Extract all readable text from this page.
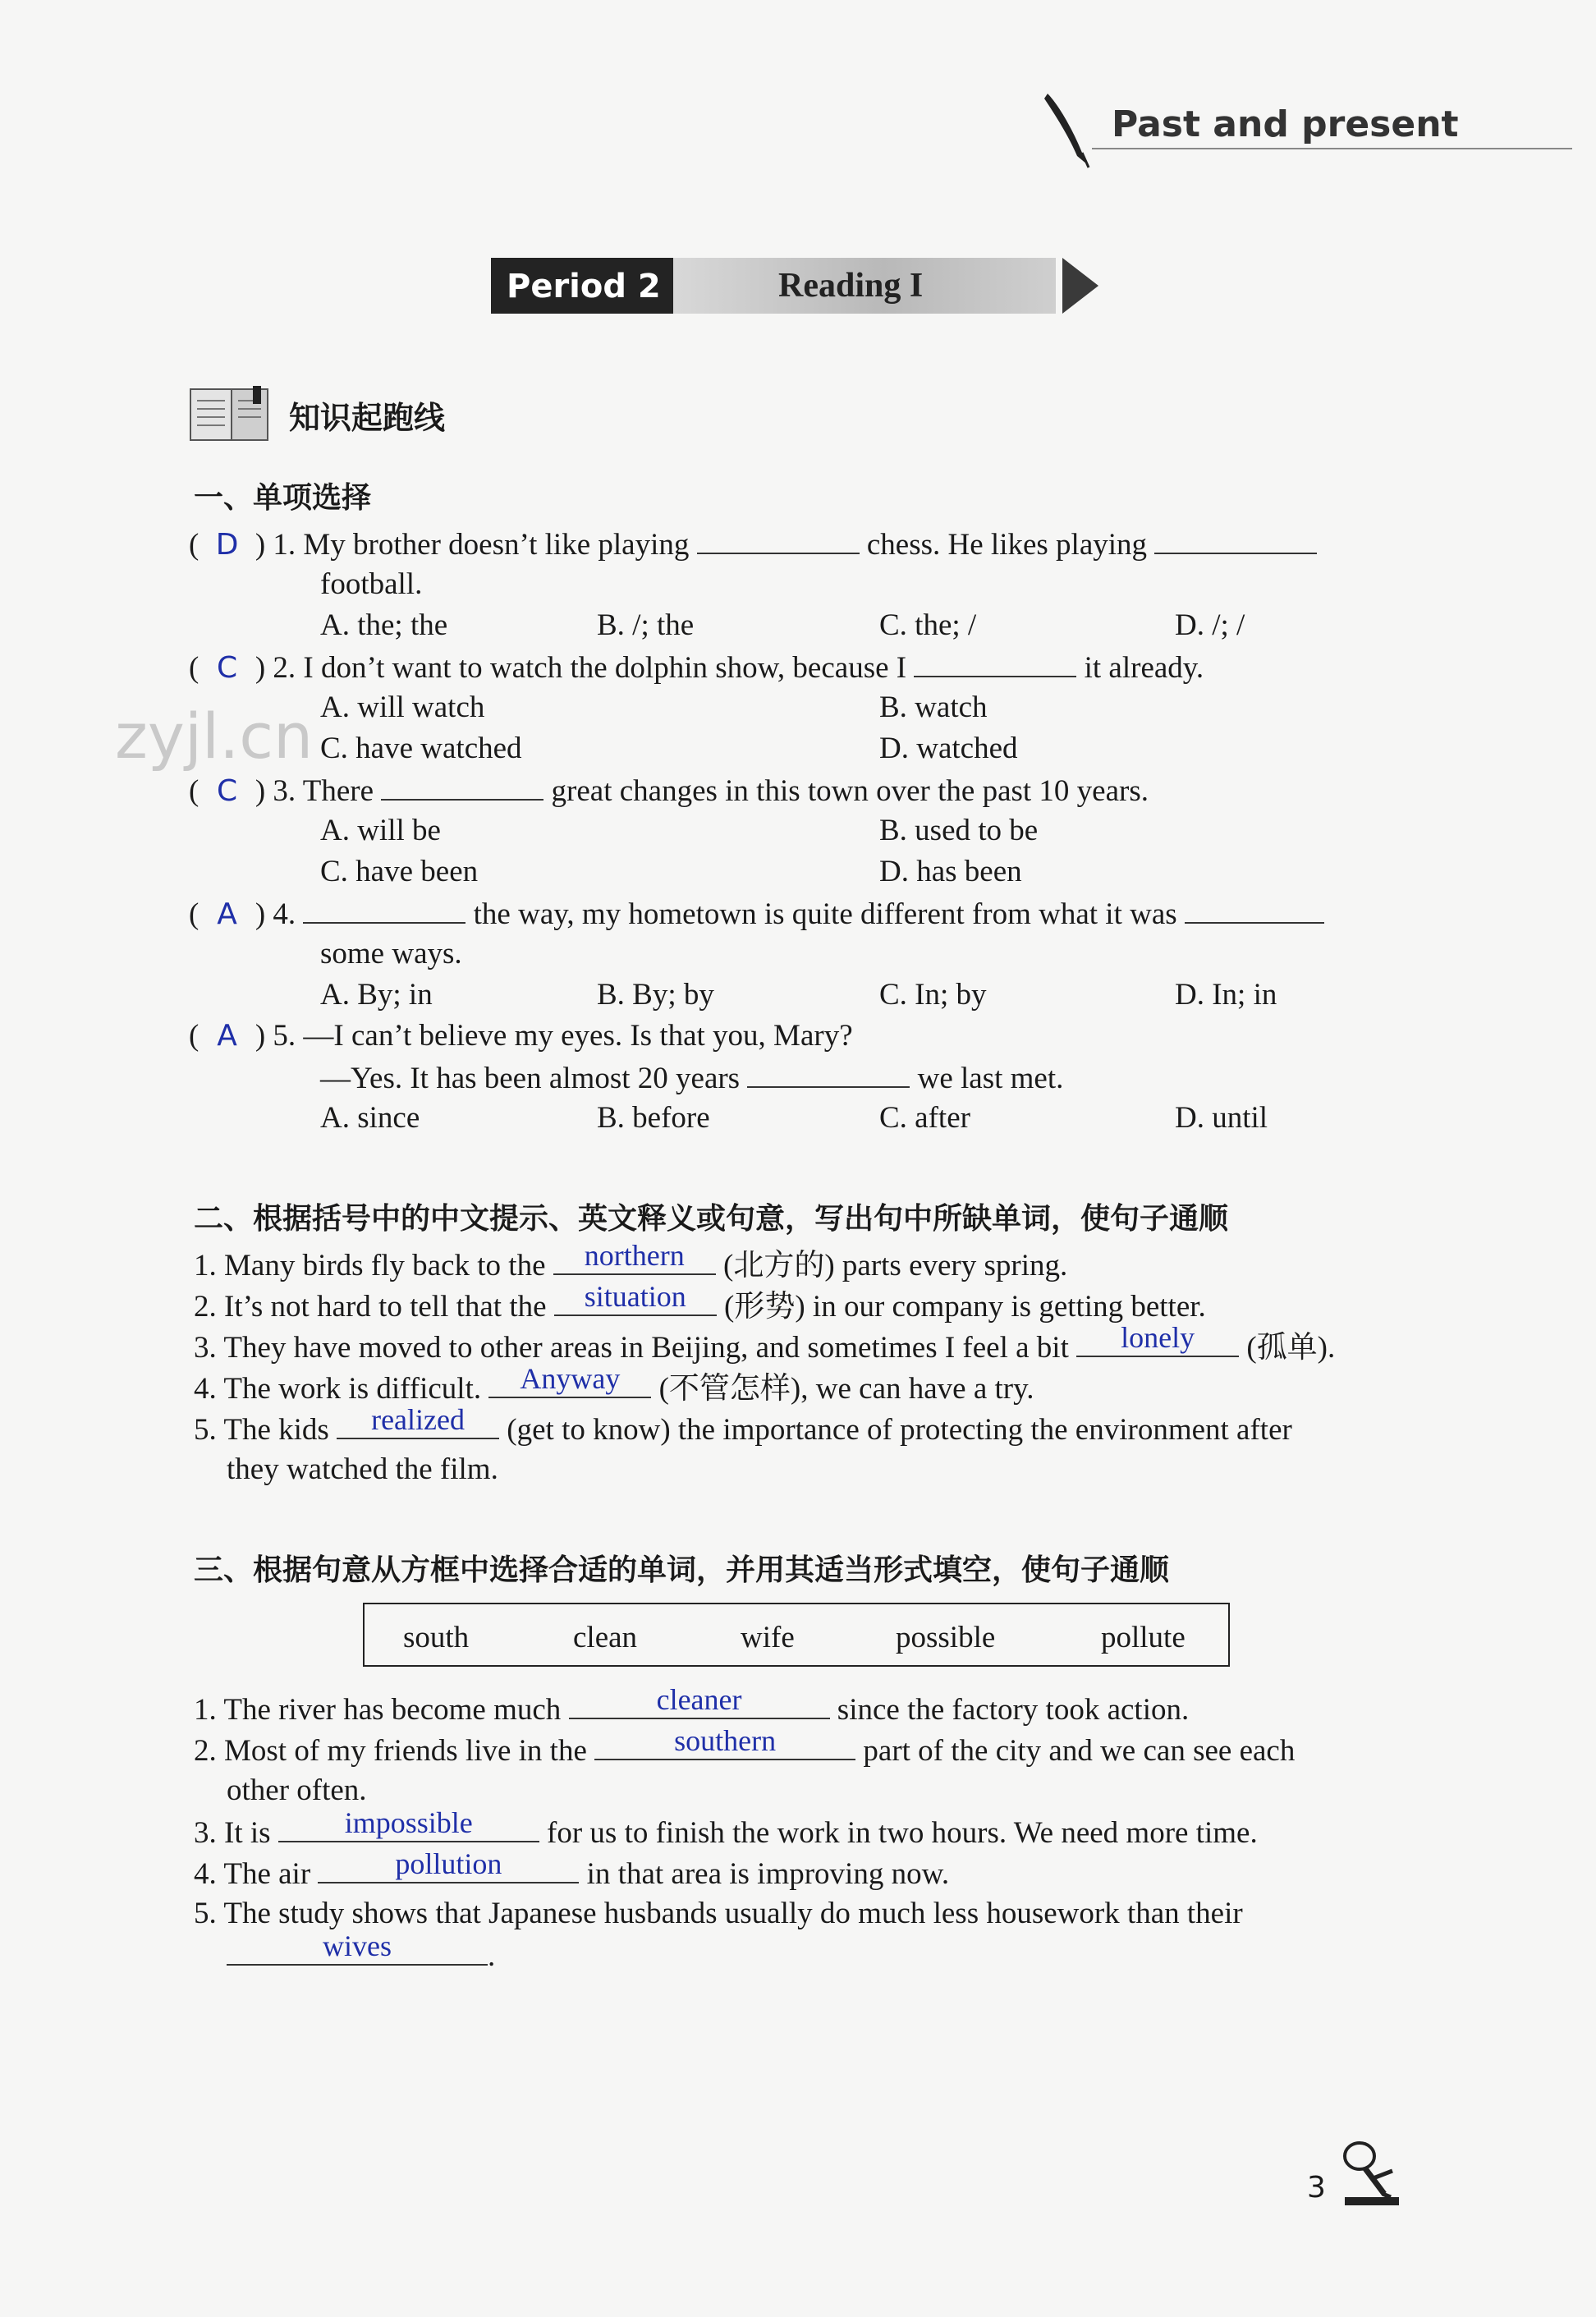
Past and present
Period 2	Reading I
知识起跑线
zyjl.cn
一、单项选择
( D ) 1. My brother doesn’t like playing	chess. He likes playing
football.
A. the; the	B. /; the	C. the; /	D. /; /
( C ) 2. I don’t want to watch the dolphin show, because I	it already.
A. will watch	B. watch
C. have watched	D. watched
( C ) 3. There	great changes in this town over the past 10 years.
A. will be	B. used to be
C. have been	D. has been
( A ) 4.	the way, my hometown is quite different from what it was
some ways.
A. By; in	B. By; by	C. In; by	D. In; in
( A ) 5. —I can’t believe my eyes. Is that you, Mary?
—Yes. It has been almost 20 years	we last met.
A. since	B. before	C. after	D. until
二、根据括号中的中文提示、英文释义或句意，写出句中所缺单词，使句子通顺
1. Many birds fly back to the	northern	(北方的) parts every spring.
2. It’s not hard to tell that the	situation	(形势) in our company is getting better.
3. They have moved to other areas in Beijing, and sometimes I feel a bit	lonely	(孤单).
4. The work is difficult.	Anyway	(不管怎样), we can have a try.
5. The kids	realized	(get to know) the importance of protecting the environment after
they watched the film.
三、根据句意从方框中选择合适的单词，并用其适当形式填空，使句子通顺
south	clean	wife	possible	pollute
1. The river has become much	cleaner	since the factory took action.
2. Most of my friends live in the	southern	part of the city and we can see each
other often.
3. It is	impossible	for us to finish the work in two hours. We need more time.
4. The air	pollution	in that area is improving now.
5. The study shows that Japanese husbands usually do much less housework than their
wives	.
3
